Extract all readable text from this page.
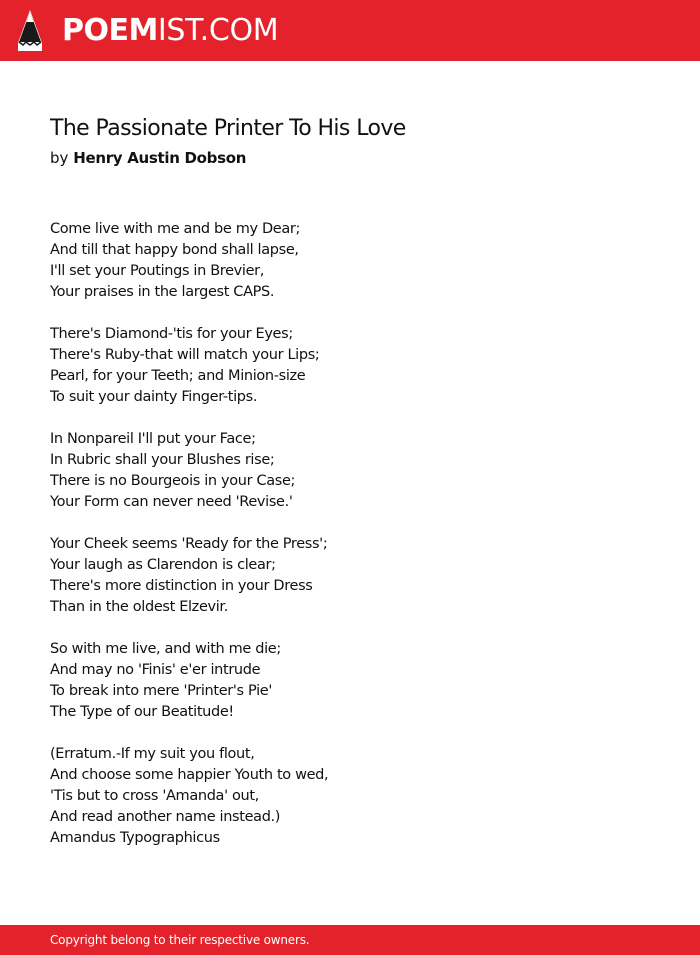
POEMIST.COM
The Passionate Printer To His Love
by Henry Austin Dobson
Come live with me and be my Dear;
And till that happy bond shall lapse,
I'll set your Poutings in Brevier,
Your praises in the largest CAPS.
There's Diamond-'tis for your Eyes;
There's Ruby-that will match your Lips;
Pearl, for your Teeth; and Minion-size
To suit your dainty Finger-tips.
In Nonpareil I'll put your Face;
In Rubric shall your Blushes rise;
There is no Bourgeois in your Case;
Your Form can never need 'Revise.'
Your Cheek seems 'Ready for the Press';
Your laugh as Clarendon is clear;
There's more distinction in your Dress
Than in the oldest Elzevir.
So with me live, and with me die;
And may no 'Finis' e'er intrude
To break into mere 'Printer's Pie'
The Type of our Beatitude!
(Erratum.-If my suit you flout,
And choose some happier Youth to wed,
'Tis but to cross 'Amanda' out,
And read another name instead.)
Amandus Typographicus
Copyright belong to their respective owners.
